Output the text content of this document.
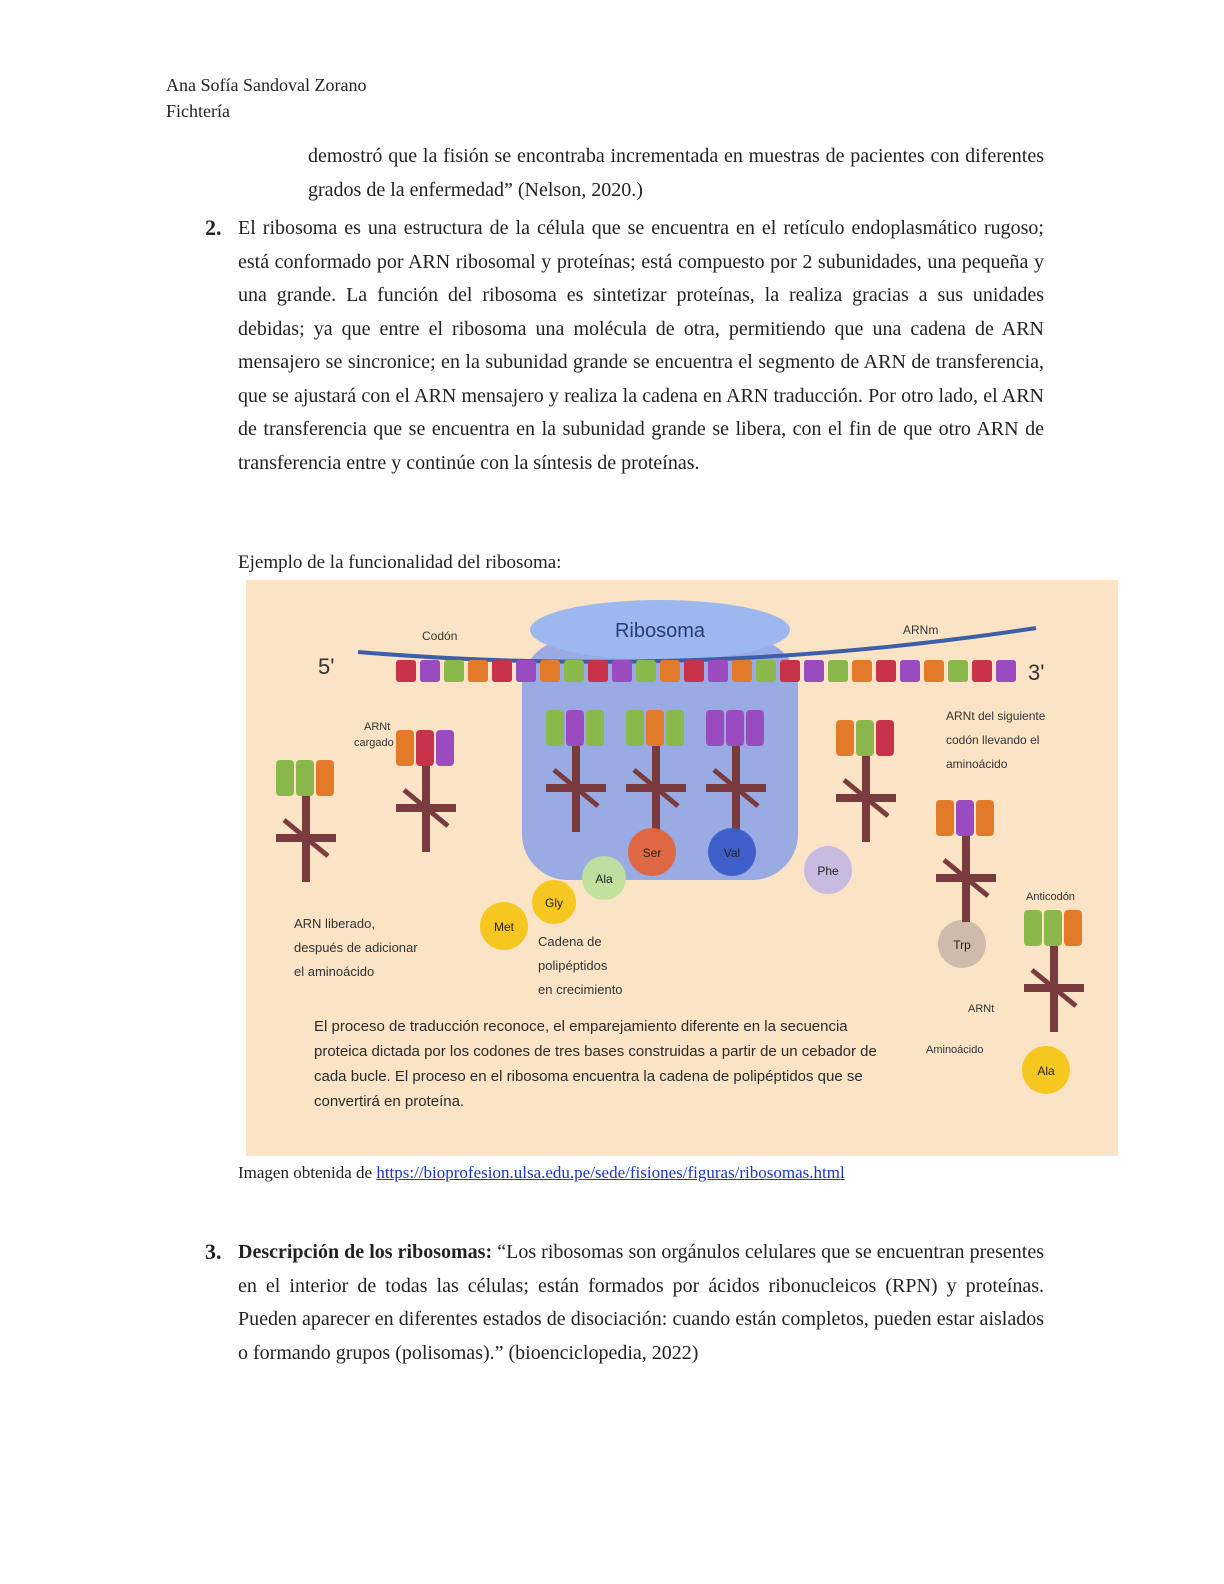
Ana Sofía Sandoval Zorano
Fichtería
demostró que la fisión se encontraba incrementada en muestras de pacientes con diferentes grados de la enfermedad” (Nelson, 2020.)
2. El ribosoma es una estructura de la célula que se encuentra en el retículo endoplasmático rugoso; está conformado por ARN ribosomal y proteínas; está compuesto por 2 subunidades, una pequeña y una grande. La función del ribosoma es sintetizar proteínas, la realiza gracias a sus unidades debidas; ya que entre el ribosoma una molécula de otra, permitiendo que una cadena de ARN mensajero se sincronice; en la subunidad grande se encuentra el segmento de ARN de transferencia, que se ajustará con el ARN mensajero y realiza la cadena en ARN traducción. Por otro lado, el ARN de transferencia que se encuentra en la subunidad grande se libera, con el fin de que otro ARN de transferencia entre y continúe con la síntesis de proteínas.
Ejemplo de la funcionalidad del ribosoma:
Ribosoma
Codón	ARNm
5'	3'
ARNt
cargado
Met
Gly
Ala
Ser	Val
Phe
Trp
Ala
ARN liberado,
después de adicionar
el aminoácido
Cadena de
polipéptidos
en crecimiento
ARNt del siguiente
codón llevando el
aminoácido
Anticodón
ARNt
Aminoácido
El proceso de traducción reconoce, el emparejamiento diferente en la secuencia proteica dictada por los codones de tres bases construidas a partir de un cebador de cada bucle. El proceso en el ribosoma encuentra la cadena de polipéptidos que se convertirá en proteína.
Imagen obtenida de https://bioprofesion.ulsa.edu.pe/sede/fisiones/figuras/ribosomas.html
3. Descripción de los ribosomas: “Los ribosomas son orgánulos celulares que se encuentran presentes en el interior de todas las células; están formados por ácidos ribonucleicos (RPN) y proteínas. Pueden aparecer en diferentes estados de disociación: cuando están completos, pueden estar aislados o formando grupos (polisomas).” (bioenciclopedia, 2022)
